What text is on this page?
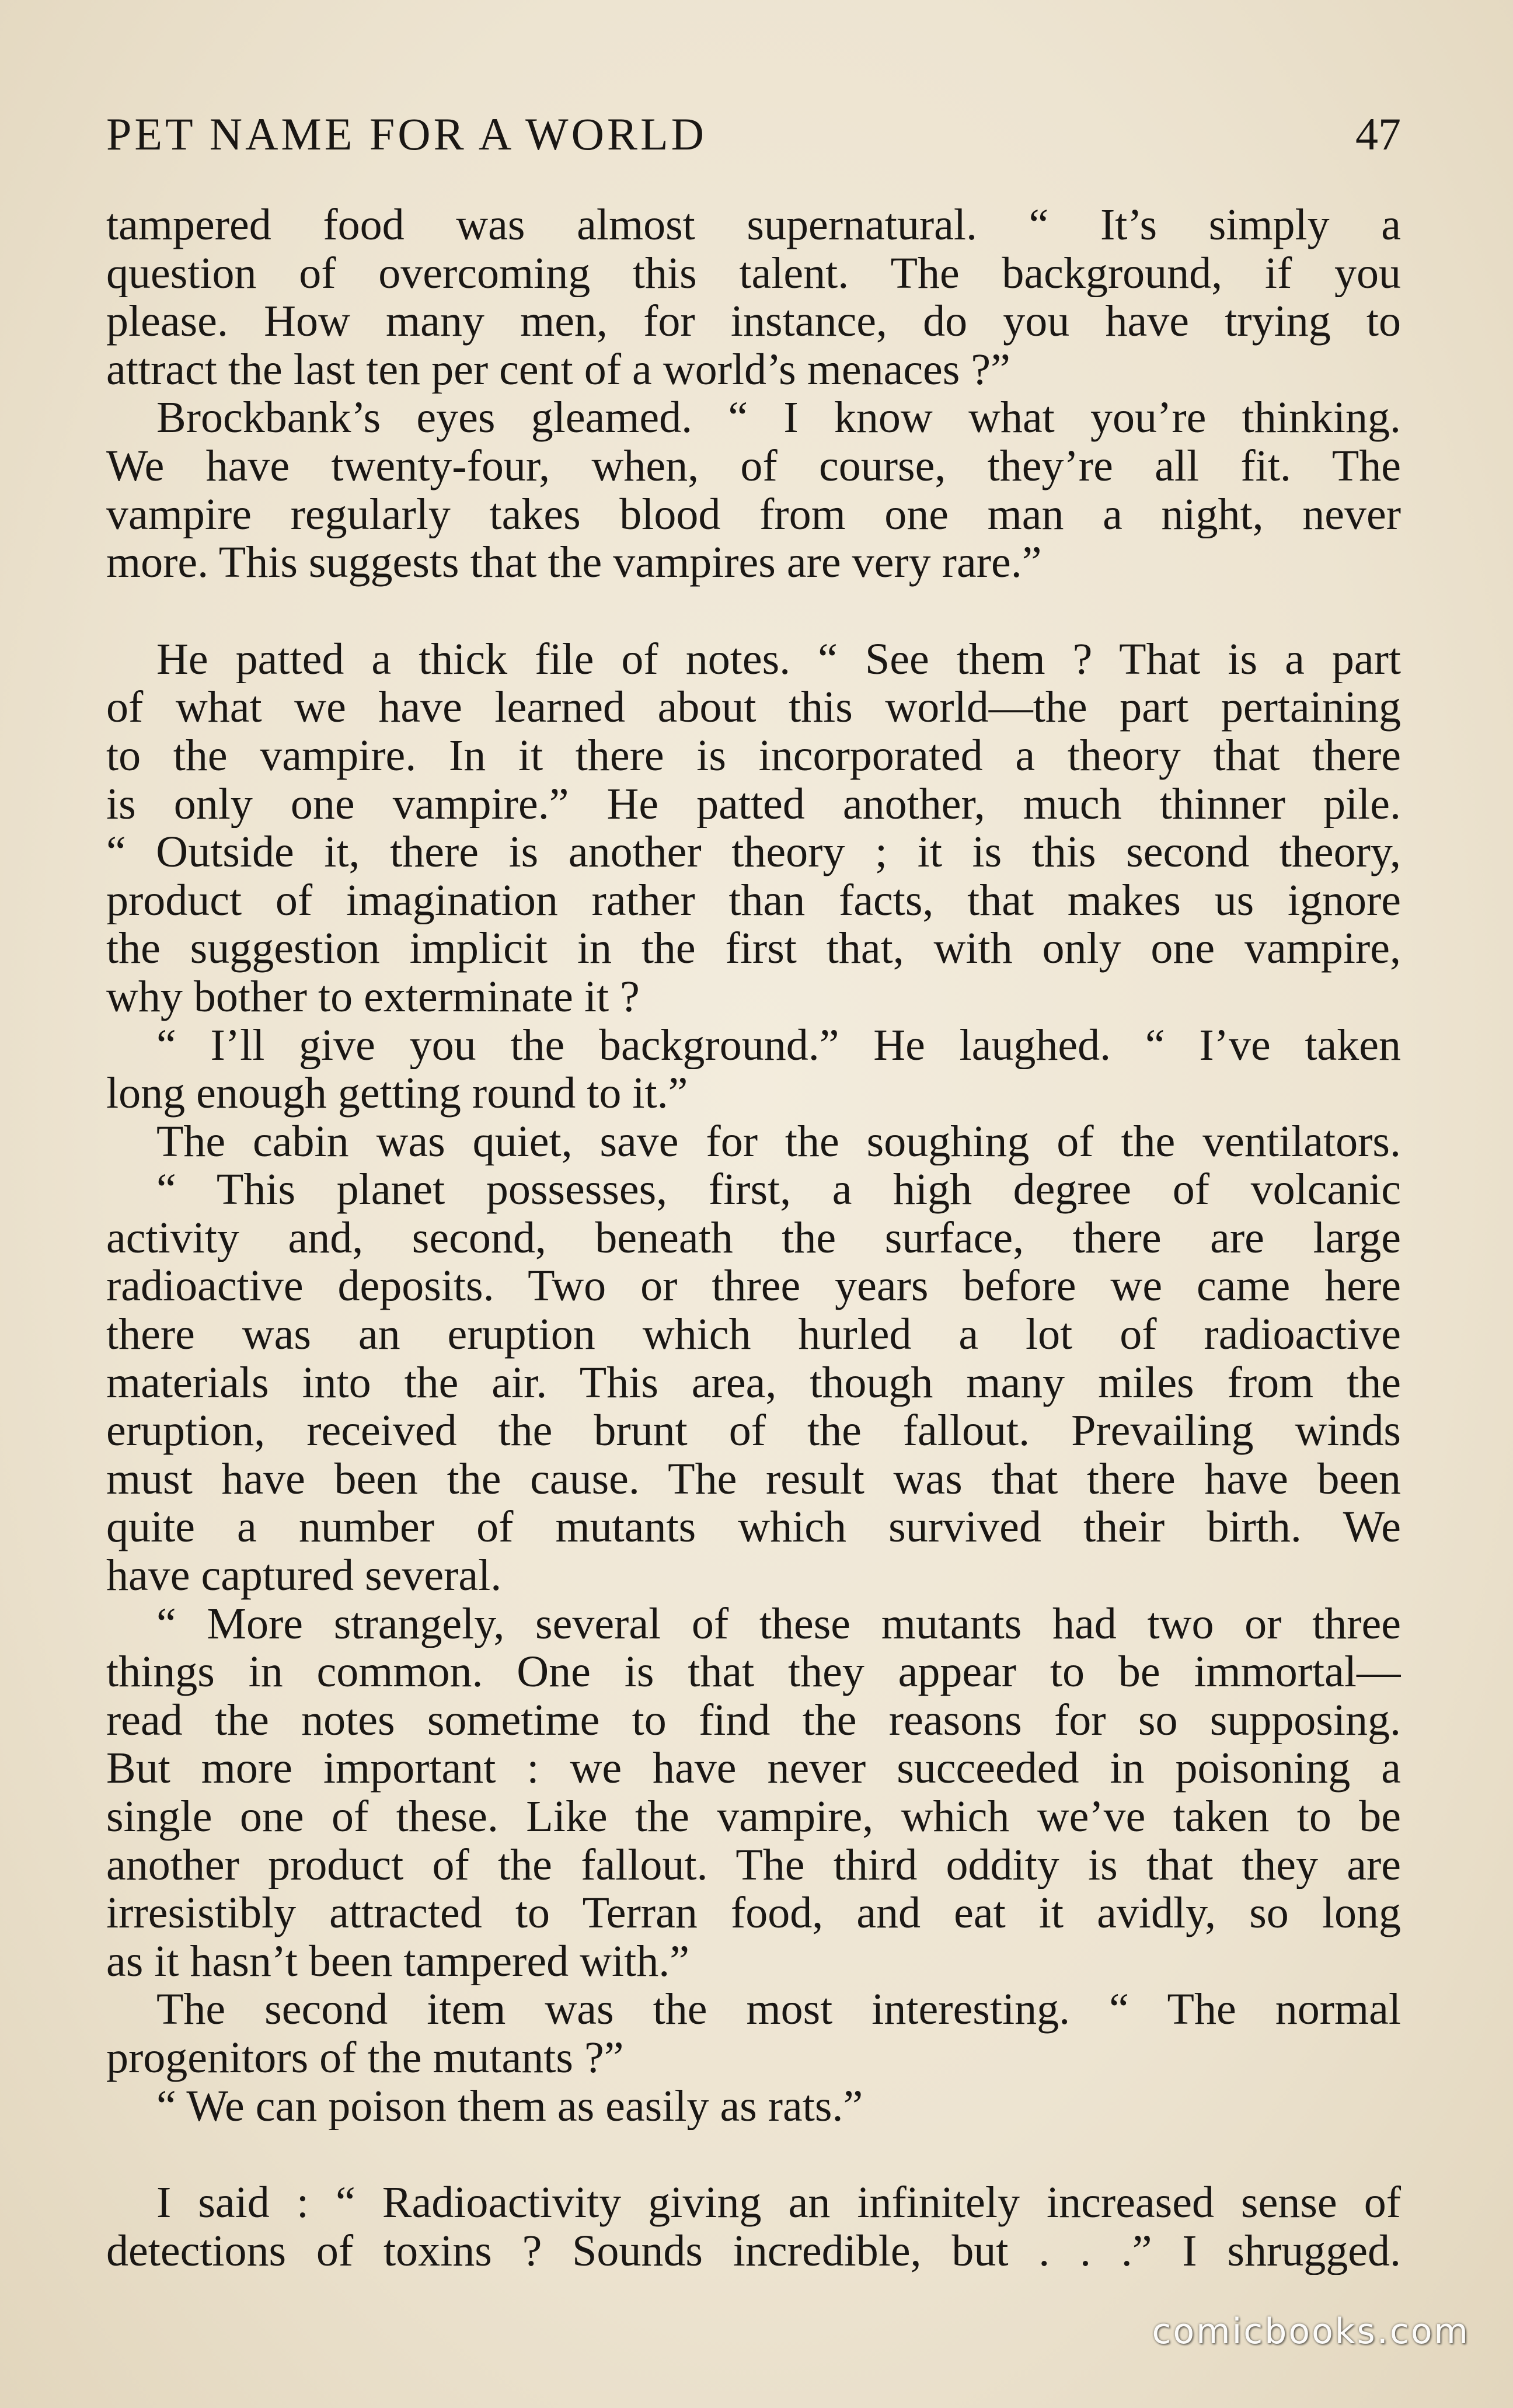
PET NAME FOR A WORLD	47
tampered food was almost supernatural. “ It’s simply a
question of overcoming this talent. The background, if you
please. How many men, for instance, do you have trying to
attract the last ten per cent of a world’s menaces ?”
Brockbank’s eyes gleamed. “ I know what you’re thinking.
We have twenty-four, when, of course, they’re all fit. The
vampire regularly takes blood from one man a night, never
more. This suggests that the vampires are very rare.”
He patted a thick file of notes. “ See them ? That is a part
of what we have learned about this world—the part pertaining
to the vampire. In it there is incorporated a theory that there
is only one vampire.” He patted another, much thinner pile.
“ Outside it, there is another theory ; it is this second theory,
product of imagination rather than facts, that makes us ignore
the suggestion implicit in the first that, with only one vampire,
why bother to exterminate it ?
“ I’ll give you the background.” He laughed. “ I’ve taken
long enough getting round to it.”
The cabin was quiet, save for the soughing of the ventilators.
“ This planet possesses, first, a high degree of volcanic
activity and, second, beneath the surface, there are large
radioactive deposits. Two or three years before we came here
there was an eruption which hurled a lot of radioactive
materials into the air. This area, though many miles from the
eruption, received the brunt of the fallout. Prevailing winds
must have been the cause. The result was that there have been
quite a number of mutants which survived their birth. We
have captured several.
“ More strangely, several of these mutants had two or three
things in common. One is that they appear to be immortal—
read the notes sometime to find the reasons for so supposing.
But more important : we have never succeeded in poisoning a
single one of these. Like the vampire, which we’ve taken to be
another product of the fallout. The third oddity is that they are
irresistibly attracted to Terran food, and eat it avidly, so long
as it hasn’t been tampered with.”
The second item was the most interesting. “ The normal
progenitors of the mutants ?”
“ We can poison them as easily as rats.”
I said : “ Radioactivity giving an infinitely increased sense of
detections of toxins ? Sounds incredible, but . . .” I shrugged.
comicbooks.com
